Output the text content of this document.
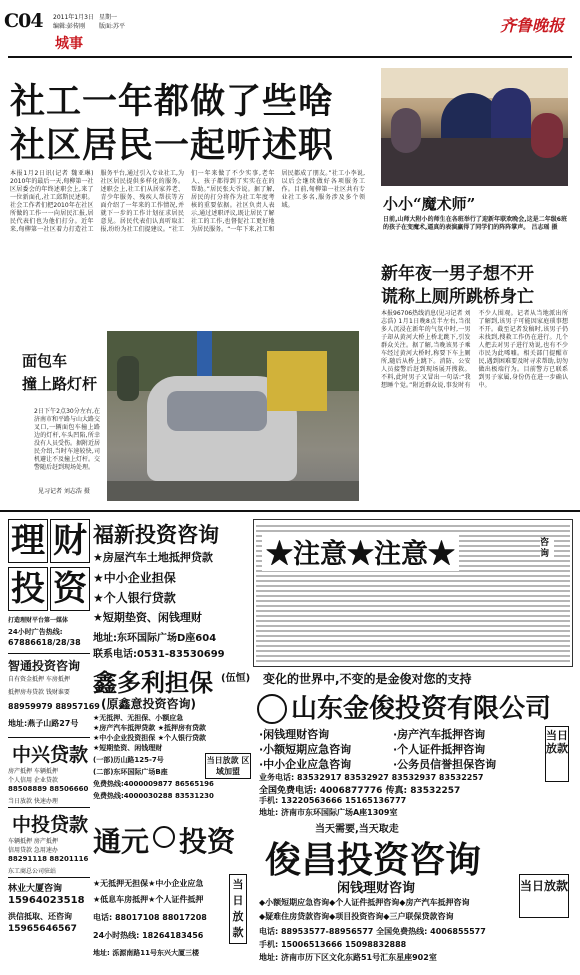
C04 2011年1月3日 星期一
编辑:彭传刚 版面:苏平
城事
齐鲁晚报
社工一年都做了些啥
社区居民一起听述职
本报1月2日讯(记者 魏亚琳) 2010年的最后一天,甸柳第一社区居委会的年终述职会上,来了一位新面孔,社工邱斯民述职。社会工作者们把2010年在社区所做的工作一一向居民汇报,居民代表们也为他们打分。近年来,甸柳第一社区着力打造社工服务平台,通过引入专业社工,为社区居民提供多样化的服务。述职会上,社工们从居家养老、青少年服务、残疾人帮扶等方面介绍了一年来的工作情况,并就下一步的工作计划征求居民意见。居民代表们认真听取汇报,纷纷为社工们提建议。“社工们一年来做了不少实事,老年人、孩子都得到了实实在在的帮助。”居民张大爷说。据了解,居民的打分将作为社工年度考核的重要依据。社区负责人表示,通过述职评议,既让居民了解社工的工作,也督促社工更好地为居民服务。“一年下来,社工和居民都成了朋友。”社工小李说,以后会继续做好各项服务工作。目前,甸柳第一社区共有专业社工多名,服务涉及多个领域。	小小“魔术师”
日前,山师大附小的师生在各班举行了迎新年联欢晚会,这是二年级6班的孩子在变魔术,逼真的表演赢得了同学们的阵阵掌声。 吕志瑶 摄
新年夜一男子想不开
谎称上厕所跳桥身亡
本报96706热线消息(见习记者 刘志浩) 1月1日晚8点半左右,当很多人沉浸在新年的气氛中时,一男子却从黄河大桥上桥北跳下,引发群众关注。据了解,当晚该男子乘车经过黄河大桥时,称要下车上厕所,随后从桥上跳下。消防、公安人员接警后赶到现场展开搜救。不料,此时男子又冒出一句话:“我想睡个觉。”附近群众说,事发时有不少人围观。记者从当地派出所了解到,该男子可能因家庭琐事想不开。截至记者发稿时,该男子仍未找到,搜救工作仍在进行。几个人把去对男子进行劝说,也有不少市民为此唏嘘。相关部门提醒市民,遇到困难要及时寻求帮助,切勿做出极端行为。目前警方已联系到男子家属,身份仍在进一步确认中。
面包车
撞上路灯杆
2日下午2点30分左右,在济南市和平路与山大路交叉口,一辆面包车撞上路边的灯杆,车头凹陷,所幸没有人员受伤。据附近居民介绍,当时车速较快,司机避让不及撞上灯杆。交警随后赶到现场处理。
见习记者 刘志浩 摄
理 财
投 资
打造理财平台第一媒体
24小时广告热线:
67886618/28/38
智通投资咨询
自有资金抵押 车房抵押
抵押房寿贷款 钱财谁要
88959979 88957169
地址:燕子山路27号
中兴贷款
房产抵押 车辆抵押
个人信用 企业贷款
88508889 88506660
当日放款 快速办理
中投贷款
车辆抵押 房产抵押
信用贷款 急用速办
88291118 88201116
东工商总公司驻站
林业大厦咨询
15964023518
洪信抵取、还咨询
15965646567
福新投资咨询
★房屋汽车土地抵押贷款
★中小企业担保
★个人银行贷款
★短期垫资、闲钱理财
地址:东环国际广场D座604
联系电话:0531-83530699
鑫多利担保 (伍恒)
(原鑫意投资咨询)
★无抵押、无担保、小额应急
★房产汽车抵押贷款 ★抵押房有贷款
★中小企业投资担保 ★个人银行贷款
★短期垫资、闲钱理财
(一部)历山路125-7号
(二部)东环国际广场B座
免费热线:4000009877 86565196
免费热线:4000030288 83531230
当日放款 区域加盟
★注意★注意★	咨询
变化的世界中,不变的是金俊对您的支持
山东金俊投资有限公司
·闲钱理财咨询
·小额短期应急咨询
·中小企业应急咨询
·房产汽车抵押咨询
·个人证件抵押咨询
·公务员信誉担保咨询
业务电话: 83532917 83532927 83532937 83532257
全国免费电话: 4006877776 传真: 83532257
手机: 13220563666 15165136777
地址: 济南市东环国际广场A座1309室
当日放款
通元 投资
★无抵押无担保★中小企业应急
★低息车房抵押★个人证件抵押
电话: 88017108 88017208
24小时热线: 18264183456
地址: 泺源南路11号东兴大厦三楼
当日放款
当天需要,当天取走
俊昌投资咨询
闲钱理财咨询
◆小额短期应急咨询◆个人证件抵押咨询◆房产汽车抵押咨询
◆疑难住房贷款咨询◆项目投资咨询◆三户联保贷款咨询
电话: 88953577-88956577 全国免费热线: 4006855577
手机: 15006513666 15098832888
地址: 济南市历下区文化东路51号汇东星座902室
当日放款
